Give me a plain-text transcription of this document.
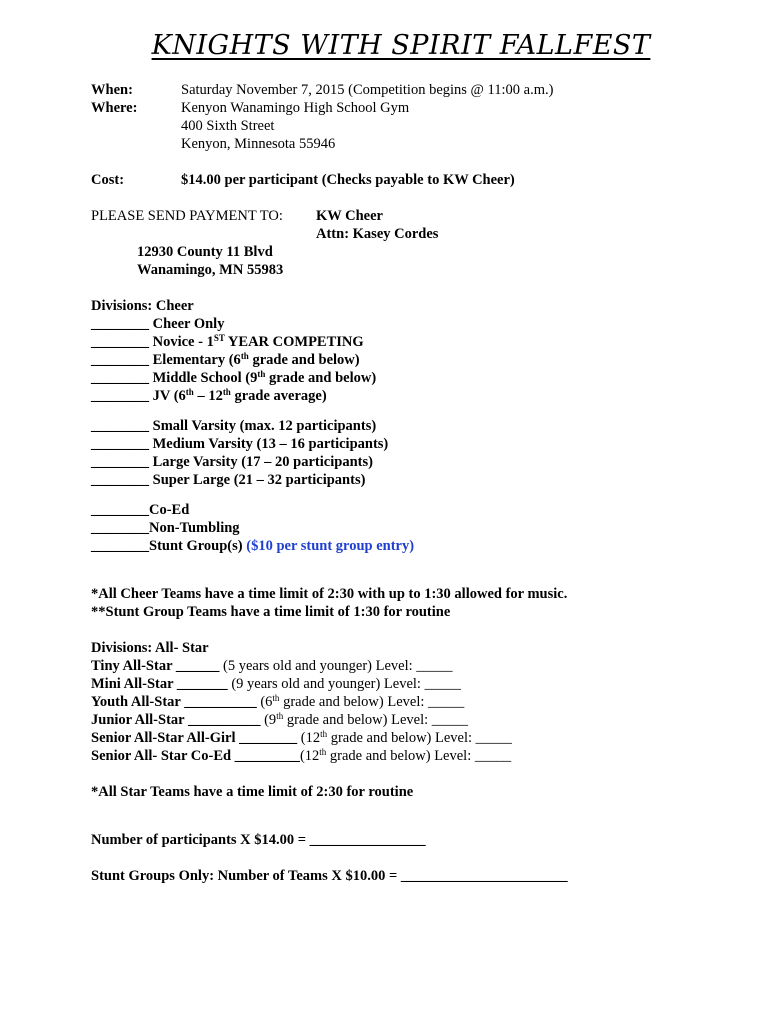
KNIGHTS WITH SPIRIT FALLFEST
When:	Saturday November 7, 2015 (Competition begins @ 11:00 a.m.)
Where:	Kenyon Wanamingo High School Gym
400 Sixth Street
Kenyon, Minnesota 55946
Cost:	$14.00 per participant (Checks payable to KW Cheer)
PLEASE SEND PAYMENT TO:	KW Cheer
Attn: Kasey Cordes
12930 County 11 Blvd
Wanamingo, MN 55983
Divisions: Cheer
________ Cheer Only
________ Novice - 1ST YEAR COMPETING
________ Elementary (6th grade and below)
________ Middle School (9th grade and below)
________ JV (6th – 12th grade average)
________ Small Varsity (max. 12 participants)
________ Medium Varsity (13 – 16 participants)
________ Large Varsity (17 – 20 participants)
________ Super Large (21 – 32 participants)
________Co-Ed
________Non-Tumbling
________Stunt Group(s) ($10 per stunt group entry)
*All Cheer Teams have a time limit of 2:30 with up to 1:30 allowed for music.
**Stunt Group Teams have a time limit of 1:30 for routine
Divisions: All- Star
Tiny All-Star ______ (5 years old and younger) Level: _____
Mini All-Star _______ (9 years old and younger) Level: _____
Youth All-Star __________ (6th grade and below) Level: _____
Junior All-Star __________ (9th grade and below) Level: _____
Senior All-Star All-Girl ________ (12th grade and below) Level: _____
Senior All- Star Co-Ed _________(12th grade and below) Level: _____
*All Star Teams have a time limit of 2:30 for routine
Number of participants X $14.00 = ________________
Stunt Groups Only: Number of Teams X $10.00 = _______________________
